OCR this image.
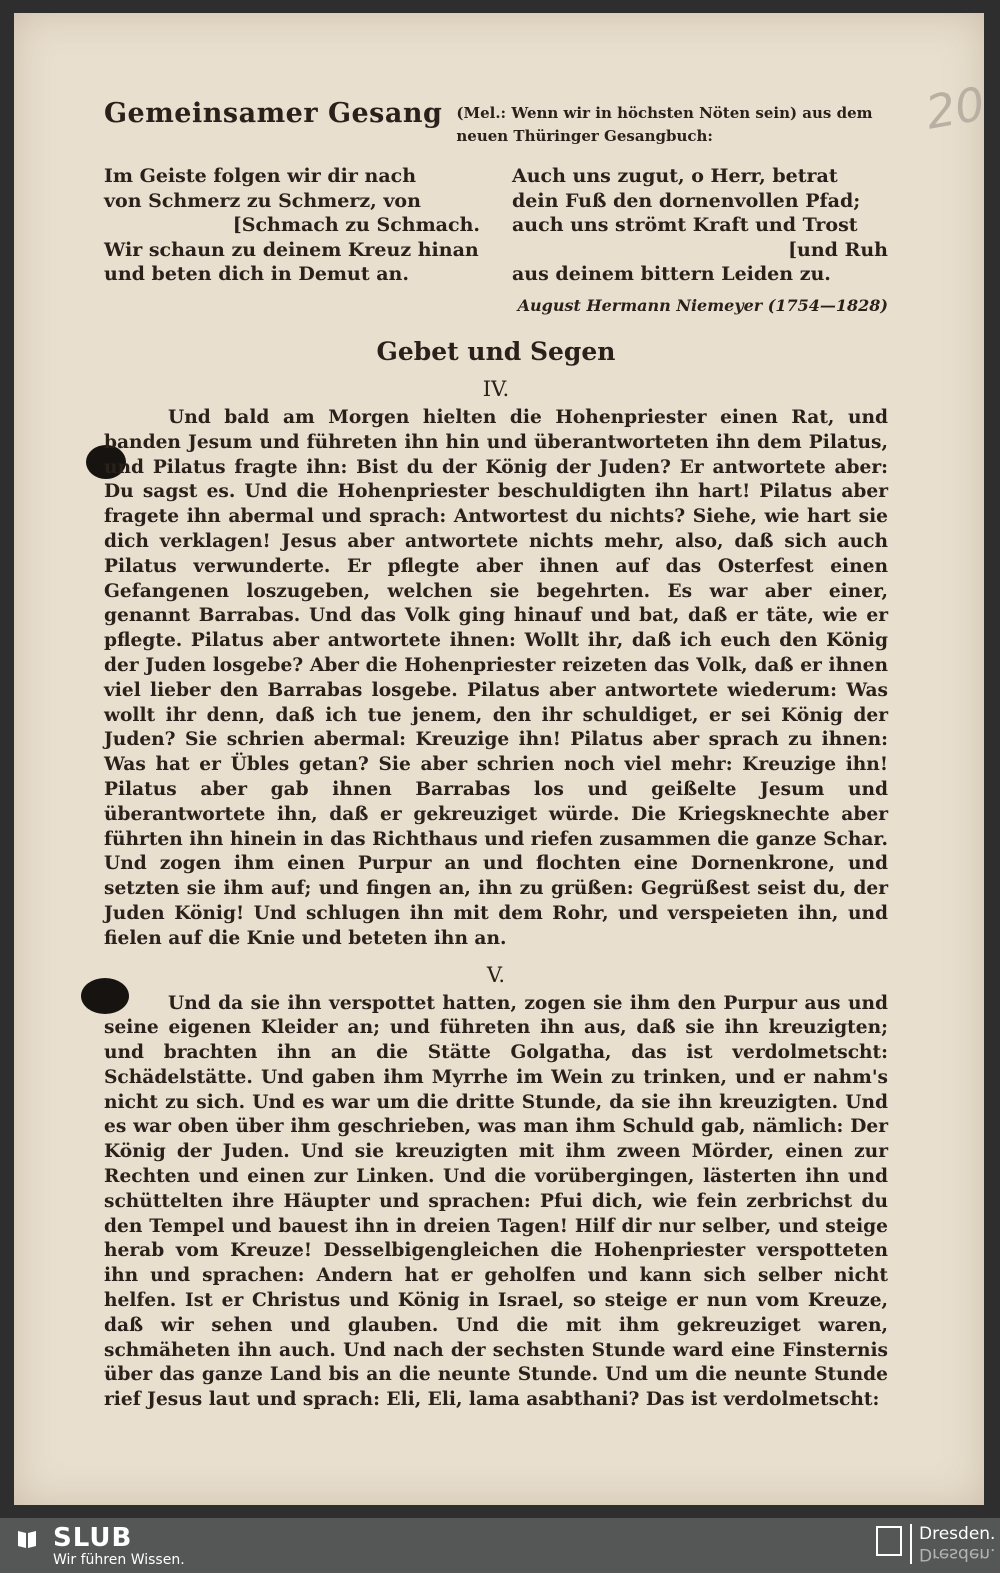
20
Gemeinsamer Gesang (Mel.: Wenn wir in höchsten Nöten sein) aus dem neuen Thüringer Gesangbuch:
Im Geiste folgen wir dir nach
von Schmerz zu Schmerz, von
[Schmach zu Schmach.
Wir schaun zu deinem Kreuz hinan
und beten dich in Demut an.
Auch uns zugut, o Herr, betrat
dein Fuß den dornenvollen Pfad;
auch uns strömt Kraft und Trost
[und Ruh
aus deinem bittern Leiden zu.
August Hermann Niemeyer (1754—1828)
Gebet und Segen
IV.

Und bald am Morgen hielten die Hohenpriester einen Rat, und banden Jesum und führeten ihn hin und überantworteten ihn dem Pilatus, und Pilatus fragte ihn: Bist du der König der Juden? Er antwortete aber: Du sagst es. Und die Hohenpriester beschuldigten ihn hart! Pilatus aber fragete ihn abermal und sprach: Antwortest du nichts? Siehe, wie hart sie dich verklagen! Jesus aber antwortete nichts mehr, also, daß sich auch Pilatus verwunderte. Er pflegte aber ihnen auf das Osterfest einen Gefangenen loszugeben, welchen sie begehrten. Es war aber einer, genannt Barrabas. Und das Volk ging hinauf und bat, daß er täte, wie er pflegte. Pilatus aber antwortete ihnen: Wollt ihr, daß ich euch den König der Juden losgebe? Aber die Hohenpriester reizeten das Volk, daß er ihnen viel lieber den Barrabas losgebe. Pilatus aber antwortete wiederum: Was wollt ihr denn, daß ich tue jenem, den ihr schuldiget, er sei König der Juden? Sie schrien abermal: Kreuzige ihn! Pilatus aber sprach zu ihnen: Was hat er Übles getan? Sie aber schrien noch viel mehr: Kreuzige ihn! Pilatus aber gab ihnen Barrabas los und geißelte Jesum und überantwortete ihn, daß er gekreuziget würde. Die Kriegsknechte aber führten ihn hinein in das Richthaus und riefen zusammen die ganze Schar. Und zogen ihm einen Purpur an und flochten eine Dornenkrone, und setzten sie ihm auf; und fingen an, ihn zu grüßen: Gegrüßest seist du, der Juden König! Und schlugen ihn mit dem Rohr, und verspeieten ihn, und fielen auf die Knie und beteten ihn an.

V.

Und da sie ihn verspottet hatten, zogen sie ihm den Purpur aus und seine eigenen Kleider an; und führeten ihn aus, daß sie ihn kreuzigten; und brachten ihn an die Stätte Golgatha, das ist verdolmetscht: Schädelstätte. Und gaben ihm Myrrhe im Wein zu trinken, und er nahm's nicht zu sich. Und es war um die dritte Stunde, da sie ihn kreuzigten. Und es war oben über ihm geschrieben, was man ihm Schuld gab, nämlich: Der König der Juden. Und sie kreuzigten mit ihm zween Mörder, einen zur Rechten und einen zur Linken. Und die vorübergingen, lästerten ihn und schüttelten ihre Häupter und sprachen: Pfui dich, wie fein zerbrichst du den Tempel und bauest ihn in dreien Tagen! Hilf dir nur selber, und steige herab vom Kreuze! Desselbigengleichen die Hohenpriester verspotteten ihn und sprachen: Andern hat er geholfen und kann sich selber nicht helfen. Ist er Christus und König in Israel, so steige er nun vom Kreuze, daß wir sehen und glauben. Und die mit ihm gekreuziget waren, schmäheten ihn auch. Und nach der sechsten Stunde ward eine Finsternis über das ganze Land bis an die neunte Stunde. Und um die neunte Stunde rief Jesus laut und sprach: Eli, Eli, lama asabthani? Das ist verdolmetscht:

SLUB
Wir führen Wissen.
Dresden.
Dresden.
